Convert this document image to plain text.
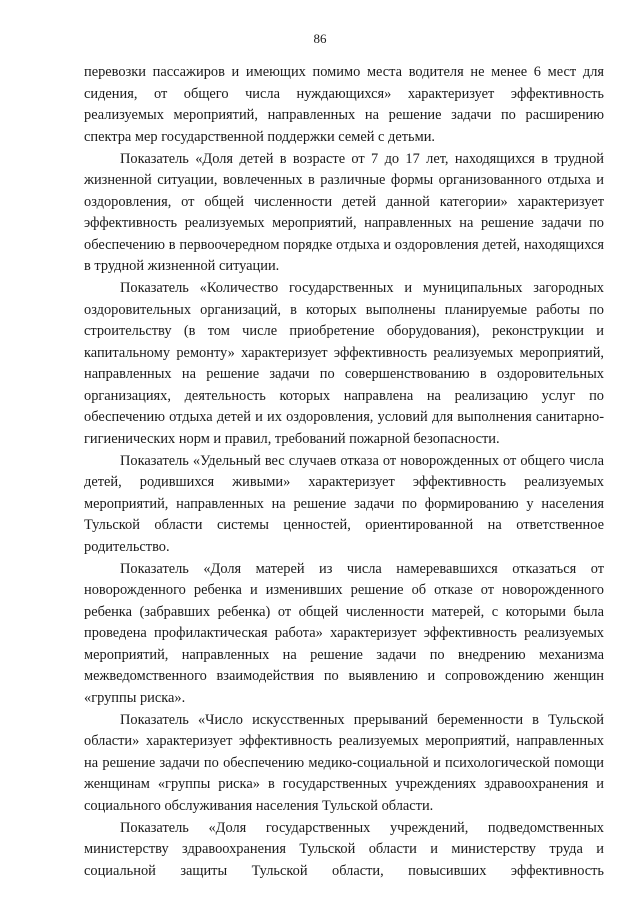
86

перевозки пассажиров и имеющих помимо места водителя не менее 6 мест для сидения, от общего числа нуждающихся» характеризует эффективность реализуемых мероприятий, направленных на решение задачи по расширению спектра мер государственной поддержки семей с детьми.

Показатель «Доля детей в возрасте от 7 до 17 лет, находящихся в трудной жизненной ситуации, вовлеченных в различные формы организованного отдыха и оздоровления, от общей численности детей данной категории» характеризует эффективность реализуемых мероприятий, направленных на решение задачи по обеспечению в первоочередном порядке отдыха и оздоровления детей, находящихся в трудной жизненной ситуации.

Показатель «Количество государственных и муниципальных загородных оздоровительных организаций, в которых выполнены планируемые работы по строительству (в том числе приобретение оборудования), реконструкции и капитальному ремонту» характеризует эффективность реализуемых мероприятий, направленных на решение задачи по совершенствованию в оздоровительных организациях, деятельность которых направлена на реализацию услуг по обеспечению отдыха детей и их оздоровления, условий для выполнения санитарно-гигиенических норм и правил, требований пожарной безопасности.

Показатель «Удельный вес случаев отказа от новорожденных от общего числа детей, родившихся живыми» характеризует эффективность реализуемых мероприятий, направленных на решение задачи по формированию у населения Тульской области системы ценностей, ориентированной на ответственное родительство.

Показатель «Доля матерей из числа намеревавшихся отказаться от новорожденного ребенка и изменивших решение об отказе от новорожденного ребенка (забравших ребенка) от общей численности матерей, с которыми была проведена профилактическая работа» характеризует эффективность реализуемых мероприятий, направленных на решение задачи по внедрению механизма межведомственного взаимодействия по выявлению и сопровождению женщин «группы риска».

Показатель «Число искусственных прерываний беременности в Тульской области» характеризует эффективность реализуемых мероприятий, направленных на решение задачи по обеспечению медико-социальной и психологической помощи женщинам «группы риска» в государственных учреждениях здравоохранения и социального обслуживания населения Тульской области.

Показатель «Доля государственных учреждений, подведомственных министерству здравоохранения Тульской области и министерству труда и социальной защиты Тульской области, повысивших эффективность
